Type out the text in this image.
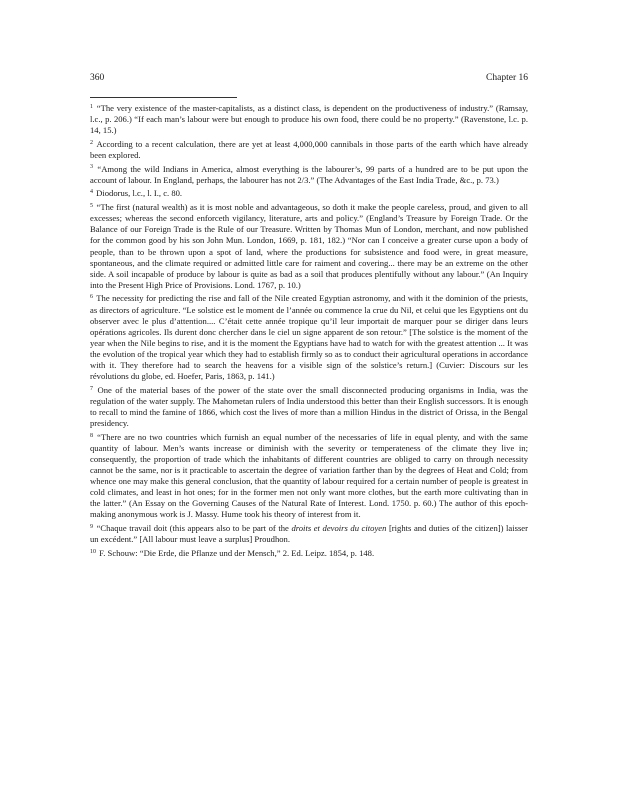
360	Chapter 16

$^1$ “The very existence of the master-capitalists, as a distinct class, is dependent on the productiveness of industry.” (Ramsay, l.c., p. 206.) “If each man’s labour were but enough to produce his own food, there could be no property.” (Ravenstone, l.c. p. 14, 15.)

$^2$ According to a recent calculation, there are yet at least 4,000,000 cannibals in those parts of the earth which have already been explored.

$^3$ “Among the wild Indians in America, almost everything is the labourer’s, 99 parts of a hundred are to be put upon the account of labour. In England, perhaps, the labourer has not 2/3.” (The Advantages of the East India Trade, &c., p. 73.)

$^4$ Diodorus, l.c., l. I., c. 80.

$^5$ “The first (natural wealth) as it is most noble and advantageous, so doth it make the people careless, proud, and given to all excesses; whereas the second enforceth vigilancy, literature, arts and policy.” (England’s Treasure by Foreign Trade. Or the Balance of our Foreign Trade is the Rule of our Treasure. Written by Thomas Mun of London, merchant, and now published for the common good by his son John Mun. London, 1669, p. 181, 182.) “Nor can I conceive a greater curse upon a body of people, than to be thrown upon a spot of land, where the productions for subsistence and food were, in great measure, spontaneous, and the climate required or admitted little care for raiment and covering... there may be an extreme on the other side. A soil incapable of produce by labour is quite as bad as a soil that produces plentifully without any labour.” (An Inquiry into the Present High Price of Provisions. Lond. 1767, p. 10.)

$^6$ The necessity for predicting the rise and fall of the Nile created Egyptian astronomy, and with it the dominion of the priests, as directors of agriculture. “Le solstice est le moment de l’année ou commence la crue du Nil, et celui que les Egyptiens ont du observer avec le plus d’attention.... C’était cette année tropique qu’il leur importait de marquer pour se diriger dans leurs opérations agricoles. Ils durent donc chercher dans le ciel un signe apparent de son retour.” [The solstice is the moment of the year when the Nile begins to rise, and it is the moment the Egyptians have had to watch for with the greatest attention ... It was the evolution of the tropical year which they had to establish firmly so as to conduct their agricultural operations in accordance with it. They therefore had to search the heavens for a visible sign of the solstice’s return.] (Cuvier: Discours sur les révolutions du globe, ed. Hoefer, Paris, 1863, p. 141.)

$^7$ One of the material bases of the power of the state over the small disconnected producing organisms in India, was the regulation of the water supply. The Mahometan rulers of India understood this better than their English successors. It is enough to recall to mind the famine of 1866, which cost the lives of more than a million Hindus in the district of Orissa, in the Bengal presidency.

$^8$ “There are no two countries which furnish an equal number of the necessaries of life in equal plenty, and with the same quantity of labour. Men’s wants increase or diminish with the severity or temperateness of the climate they live in; consequently, the proportion of trade which the inhabitants of different countries are obliged to carry on through necessity cannot be the same, nor is it practicable to ascertain the degree of variation farther than by the degrees of Heat and Cold; from whence one may make this general conclusion, that the quantity of labour required for a certain number of people is greatest in cold climates, and least in hot ones; for in the former men not only want more clothes, but the earth more cultivating than in the latter.” (An Essay on the Governing Causes of the Natural Rate of Interest. Lond. 1750. p. 60.) The author of this epoch-making anonymous work is J. Massy. Hume took his theory of interest from it.

$^9$ “Chaque travail doit (this appears also to be part of the droits et devoirs du citoyen [rights and duties of the citizen]) laisser un excédent.” [All labour must leave a surplus] Proudhon.

$^{10}$ F. Schouw: “Die Erde, die Pflanze und der Mensch,” 2. Ed. Leipz. 1854, p. 148.
